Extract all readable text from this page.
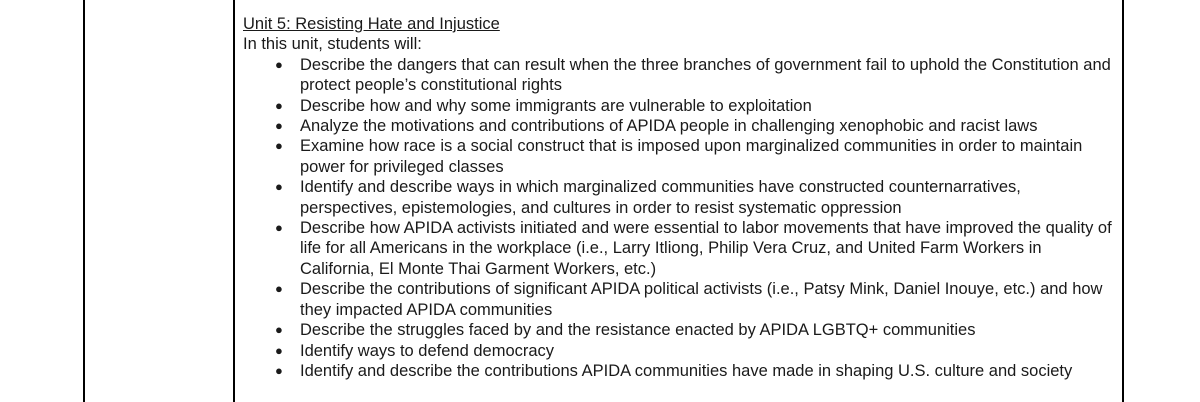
Unit 5: Resisting Hate and Injustice

In this unit, students will:

● Describe the dangers that can result when the three branches of government fail to uphold the Constitution and protect people’s constitutional rights
● Describe how and why some immigrants are vulnerable to exploitation
● Analyze the motivations and contributions of APIDA people in challenging xenophobic and racist laws
● Examine how race is a social construct that is imposed upon marginalized communities in order to maintain power for privileged classes
● Identify and describe ways in which marginalized communities have constructed counternarratives, perspectives, epistemologies, and cultures in order to resist systematic oppression
● Describe how APIDA activists initiated and were essential to labor movements that have improved the quality of life for all Americans in the workplace (i.e., Larry Itliong, Philip Vera Cruz, and United Farm Workers in California, El Monte Thai Garment Workers, etc.)
● Describe the contributions of significant APIDA political activists (i.e., Patsy Mink, Daniel Inouye, etc.) and how they impacted APIDA communities
● Describe the struggles faced by and the resistance enacted by APIDA LGBTQ+ communities
● Identify ways to defend democracy
● Identify and describe the contributions APIDA communities have made in shaping U.S. culture and society
